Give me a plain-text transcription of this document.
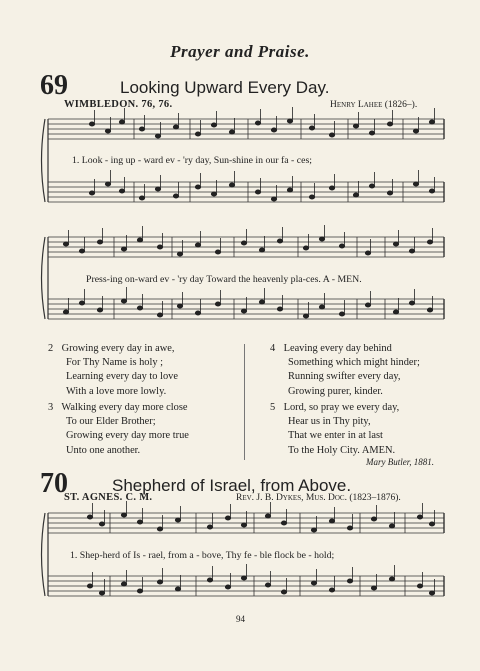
Prayer and Praise.
69	Looking Upward Every Day.
WIMBLEDON. 76, 76.	Henry Lahee (1826–).
1. Look - ing up - ward ev - 'ry day, Sun-shine in our fa - ces;
Press-ing on-ward ev - 'ry day Toward the heavenly pla-ces. A - MEN.
2 Growing every day in awe,
For Thy Name is holy ;
Learning every day to love
With a love more lowly.
3 Walking every day more close
To our Elder Brother;
Growing every day more true
Unto one another.
4 Leaving every day behind
Something which might hinder;
Running swifter every day,
Growing purer, kinder.
5 Lord, so pray we every day,
Hear us in Thy pity,
That we enter in at last
To the Holy City. AMEN.
Mary Butler, 1881.
70	Shepherd of Israel, from Above.
ST. AGNES. C. M.	Rev. J. B. Dykes, Mus. Doc. (1823–1876).
1. Shep-herd of Is - rael, from a - bove, Thy fe - ble flock be - hold;
94
